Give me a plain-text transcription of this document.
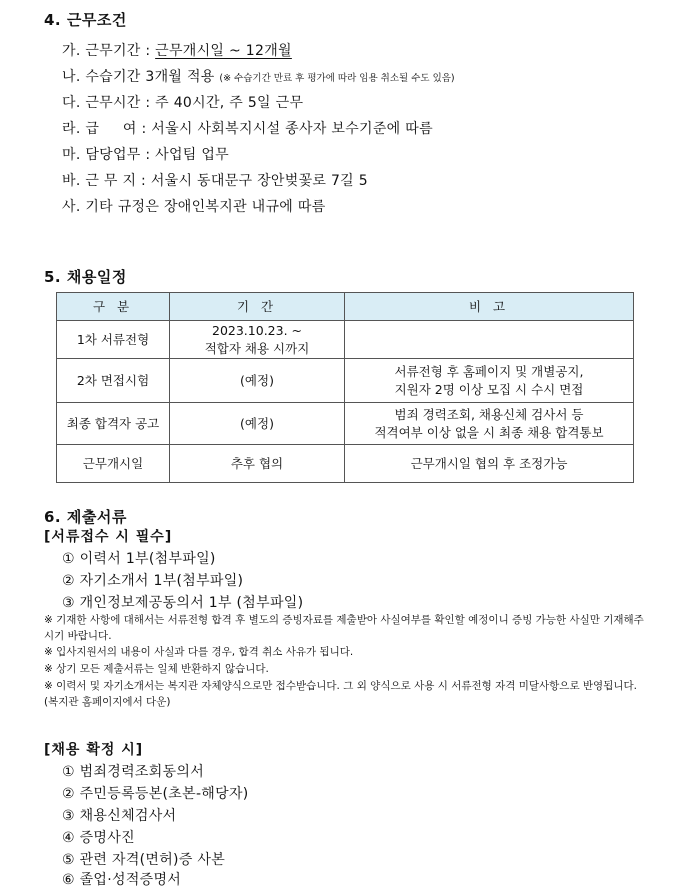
4. 근무조건
가. 근무기간 : 근무개시일 ~ 12개월
나. 수습기간 3개월 적용 (※ 수습기간 만료 후 평가에 따라 임용 취소될 수도 있음)
다. 근무시간 : 주 40시간, 주 5일 근무
라. 급     여 : 서울시 사회복지시설 종사자 보수기준에 따름
마. 담당업무 : 사업팀 업무
바. 근 무 지 : 서울시 동대문구 장안벚꽃로 7길 5
사. 기타 규정은 장애인복지관 내규에 따름
5. 채용일정
구 분	기 간	비 고
1차 서류전형	2023.10.23. ~
적합자 채용 시까지	

2차 면접시험	(예정)	서류전형 후 홈페이지 및 개별공지,
지원자 2명 이상 모집 시 수시 면접

최종 합격자 공고	(예정)	범죄 경력조회, 채용신체 검사서 등
적격여부 이상 없을 시 최종 채용 합격통보

근무개시일	추후 협의	근무개시일 협의 후 조정가능
6. 제출서류
[서류접수 시 필수]
① 이력서 1부(첨부파일)
② 자기소개서 1부(첨부파일)
③ 개인정보제공동의서 1부 (첨부파일)
※ 기재한 사항에 대해서는 서류전형 합격 후 별도의 증빙자료를 제출받아 사실여부를 확인할 예정이니 증빙 가능한 사실만 기재해주시기 바랍니다.
※ 입사지원서의 내용이 사실과 다를 경우, 합격 취소 사유가 됩니다.
※ 상기 모든 제출서류는 일체 반환하지 않습니다.
※ 이력서 및 자기소개서는 복지관 자체양식으로만 접수받습니다. 그 외 양식으로 사용 시 서류전형 자격 미달사항으로 반영됩니다. (복지관 홈페이지에서 다운)
[채용 확정 시]
① 범죄경력조회동의서
② 주민등록등본(초본-해당자)
③ 채용신체검사서
④ 증명사진
⑤ 관련 자격(면허)증 사본
⑥ 졸업·성적증명서
